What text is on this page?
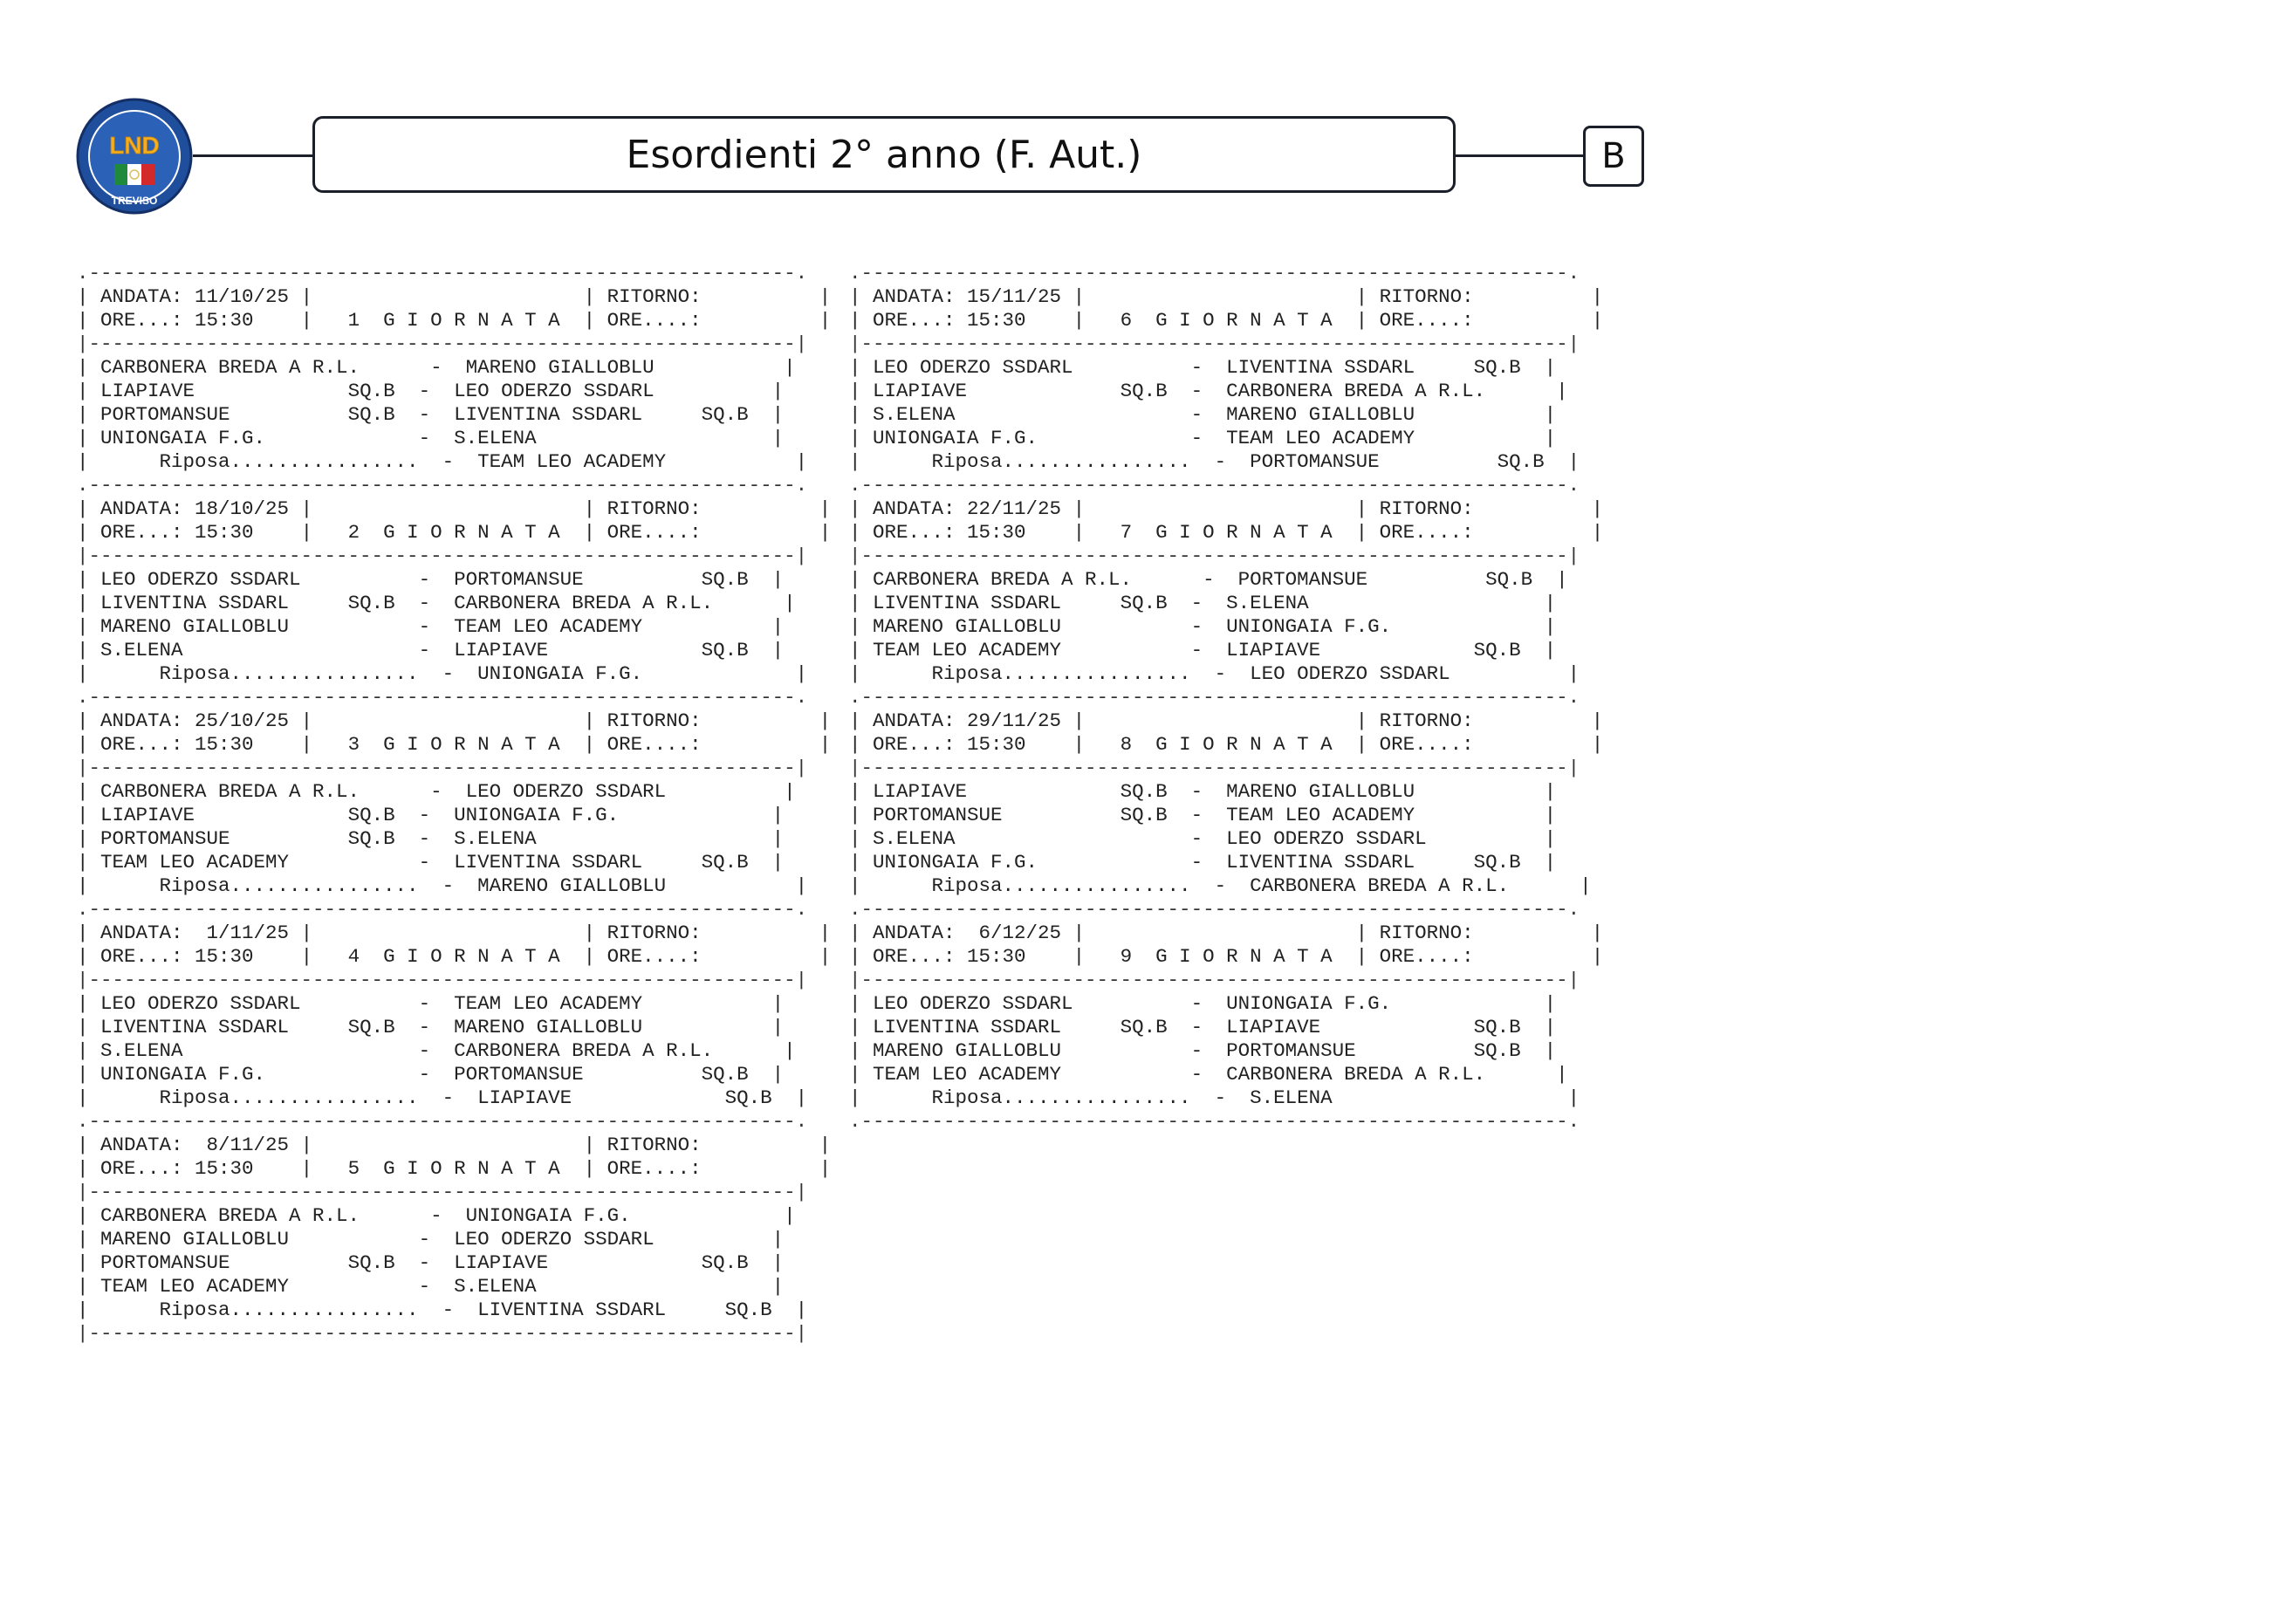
LND
TREVISO
Esordienti 2° anno (F. Aut.)	B
.------------------------------------------------------------.
| ANDATA: 11/10/25 |                       | RITORNO:          |
| ORE...: 15:30    |   1  G I O R N A T A  | ORE....:          |
|------------------------------------------------------------|
| CARBONERA BREDA A R.L.      -  MARENO GIALLOBLU           |
| LIAPIAVE             SQ.B  -  LEO ODERZO SSDARL          |
| PORTOMANSUE          SQ.B  -  LIVENTINA SSDARL     SQ.B  |
| UNIONGAIA F.G.             -  S.ELENA                    |
|      Riposa................  -  TEAM LEO ACADEMY           |
.------------------------------------------------------------.
| ANDATA: 18/10/25 |                       | RITORNO:          |
| ORE...: 15:30    |   2  G I O R N A T A  | ORE....:          |
|------------------------------------------------------------|
| LEO ODERZO SSDARL          -  PORTOMANSUE          SQ.B  |
| LIVENTINA SSDARL     SQ.B  -  CARBONERA BREDA A R.L.      |
| MARENO GIALLOBLU           -  TEAM LEO ACADEMY           |
| S.ELENA                    -  LIAPIAVE             SQ.B  |
|      Riposa................  -  UNIONGAIA F.G.             |
.------------------------------------------------------------.
| ANDATA: 25/10/25 |                       | RITORNO:          |
| ORE...: 15:30    |   3  G I O R N A T A  | ORE....:          |
|------------------------------------------------------------|
| CARBONERA BREDA A R.L.      -  LEO ODERZO SSDARL          |
| LIAPIAVE             SQ.B  -  UNIONGAIA F.G.             |
| PORTOMANSUE          SQ.B  -  S.ELENA                    |
| TEAM LEO ACADEMY           -  LIVENTINA SSDARL     SQ.B  |
|      Riposa................  -  MARENO GIALLOBLU           |
.------------------------------------------------------------.
| ANDATA:  1/11/25 |                       | RITORNO:          |
| ORE...: 15:30    |   4  G I O R N A T A  | ORE....:          |
|------------------------------------------------------------|
| LEO ODERZO SSDARL          -  TEAM LEO ACADEMY           |
| LIVENTINA SSDARL     SQ.B  -  MARENO GIALLOBLU           |
| S.ELENA                    -  CARBONERA BREDA A R.L.      |
| UNIONGAIA F.G.             -  PORTOMANSUE          SQ.B  |
|      Riposa................  -  LIAPIAVE             SQ.B  |
.------------------------------------------------------------.
| ANDATA:  8/11/25 |                       | RITORNO:          |
| ORE...: 15:30    |   5  G I O R N A T A  | ORE....:          |
|------------------------------------------------------------|
| CARBONERA BREDA A R.L.      -  UNIONGAIA F.G.             |
| MARENO GIALLOBLU           -  LEO ODERZO SSDARL          |
| PORTOMANSUE          SQ.B  -  LIAPIAVE             SQ.B  |
| TEAM LEO ACADEMY           -  S.ELENA                    |
|      Riposa................  -  LIVENTINA SSDARL     SQ.B  |
|------------------------------------------------------------|
.------------------------------------------------------------.
| ANDATA: 15/11/25 |                       | RITORNO:          |
| ORE...: 15:30    |   6  G I O R N A T A  | ORE....:          |
|------------------------------------------------------------|
| LEO ODERZO SSDARL          -  LIVENTINA SSDARL     SQ.B  |
| LIAPIAVE             SQ.B  -  CARBONERA BREDA A R.L.      |
| S.ELENA                    -  MARENO GIALLOBLU           |
| UNIONGAIA F.G.             -  TEAM LEO ACADEMY           |
|      Riposa................  -  PORTOMANSUE          SQ.B  |
.------------------------------------------------------------.
| ANDATA: 22/11/25 |                       | RITORNO:          |
| ORE...: 15:30    |   7  G I O R N A T A  | ORE....:          |
|------------------------------------------------------------|
| CARBONERA BREDA A R.L.      -  PORTOMANSUE          SQ.B  |
| LIVENTINA SSDARL     SQ.B  -  S.ELENA                    |
| MARENO GIALLOBLU           -  UNIONGAIA F.G.             |
| TEAM LEO ACADEMY           -  LIAPIAVE             SQ.B  |
|      Riposa................  -  LEO ODERZO SSDARL          |
.------------------------------------------------------------.
| ANDATA: 29/11/25 |                       | RITORNO:          |
| ORE...: 15:30    |   8  G I O R N A T A  | ORE....:          |
|------------------------------------------------------------|
| LIAPIAVE             SQ.B  -  MARENO GIALLOBLU           |
| PORTOMANSUE          SQ.B  -  TEAM LEO ACADEMY           |
| S.ELENA                    -  LEO ODERZO SSDARL          |
| UNIONGAIA F.G.             -  LIVENTINA SSDARL     SQ.B  |
|      Riposa................  -  CARBONERA BREDA A R.L.      |
.------------------------------------------------------------.
| ANDATA:  6/12/25 |                       | RITORNO:          |
| ORE...: 15:30    |   9  G I O R N A T A  | ORE....:          |
|------------------------------------------------------------|
| LEO ODERZO SSDARL          -  UNIONGAIA F.G.             |
| LIVENTINA SSDARL     SQ.B  -  LIAPIAVE             SQ.B  |
| MARENO GIALLOBLU           -  PORTOMANSUE          SQ.B  |
| TEAM LEO ACADEMY           -  CARBONERA BREDA A R.L.      |
|      Riposa................  -  S.ELENA                    |
.------------------------------------------------------------.
